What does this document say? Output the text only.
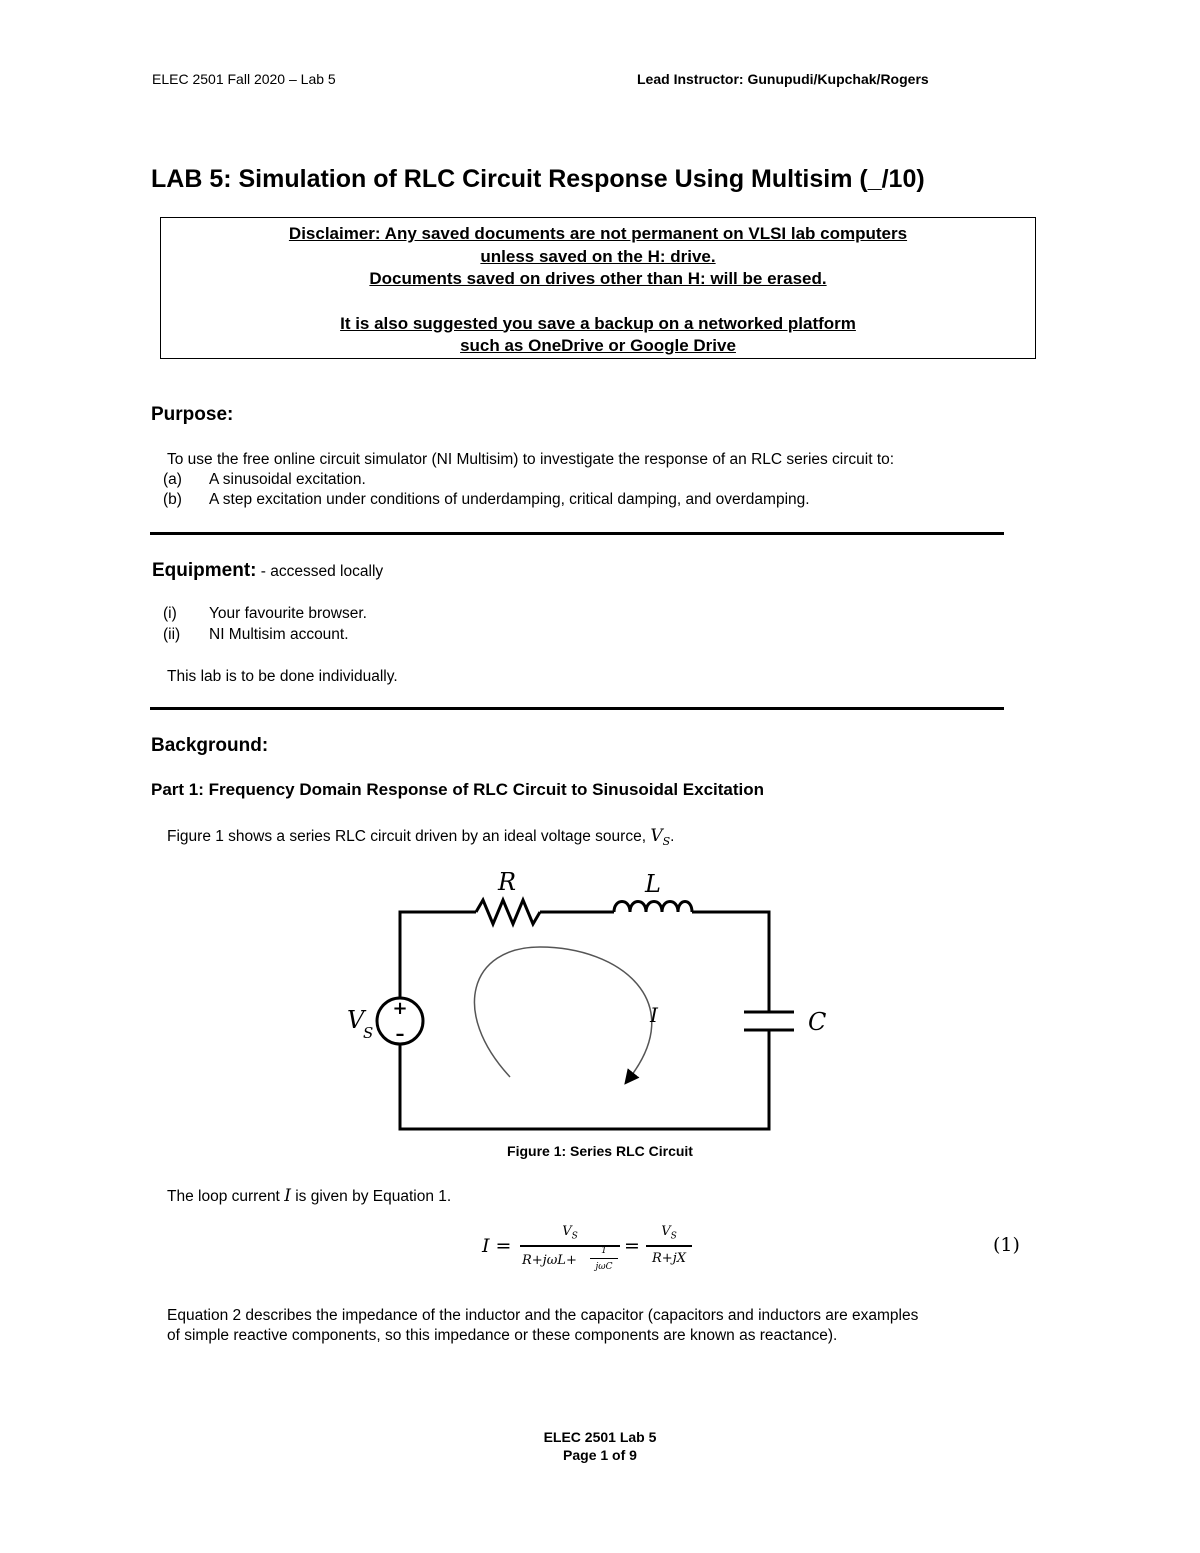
ELEC 2501 Fall 2020 – Lab 5	Lead Instructor: Gunupudi/Kupchak/Rogers
LAB 5: Simulation of RLC Circuit Response Using Multisim (_/10)
Disclaimer: Any saved documents are not permanent on VLSI lab computers
unless saved on the H: drive.
Documents saved on drives other than H: will be erased.
It is also suggested you save a backup on a networked platform
such as OneDrive or Google Drive
Purpose:
To use the free online circuit simulator (NI Multisim) to investigate the response of an RLC series circuit to:
(a) A sinusoidal excitation.
(b) A step excitation under conditions of underdamping, critical damping, and overdamping.
Equipment: - accessed locally
(i) Your favourite browser.
(ii) NI Multisim account.
This lab is to be done individually.
Background:
Part 1: Frequency Domain Response of RLC Circuit to Sinusoidal Excitation
Figure 1 shows a series RLC circuit driven by an ideal voltage source, $V_S$.
R	L
C
I
V
S
+
–
Figure 1: Series RLC Circuit
The loop current I is given by Equation 1.
I =
$V_S$
R+jωL+
1
jωC
=
$V_S$
R+jX
(1)
Equation 2 describes the impedance of the inductor and the capacitor (capacitors and inductors are examples
of simple reactive components, so this impedance or these components are known as reactance).
ELEC 2501 Lab 5
Page 1 of 9
